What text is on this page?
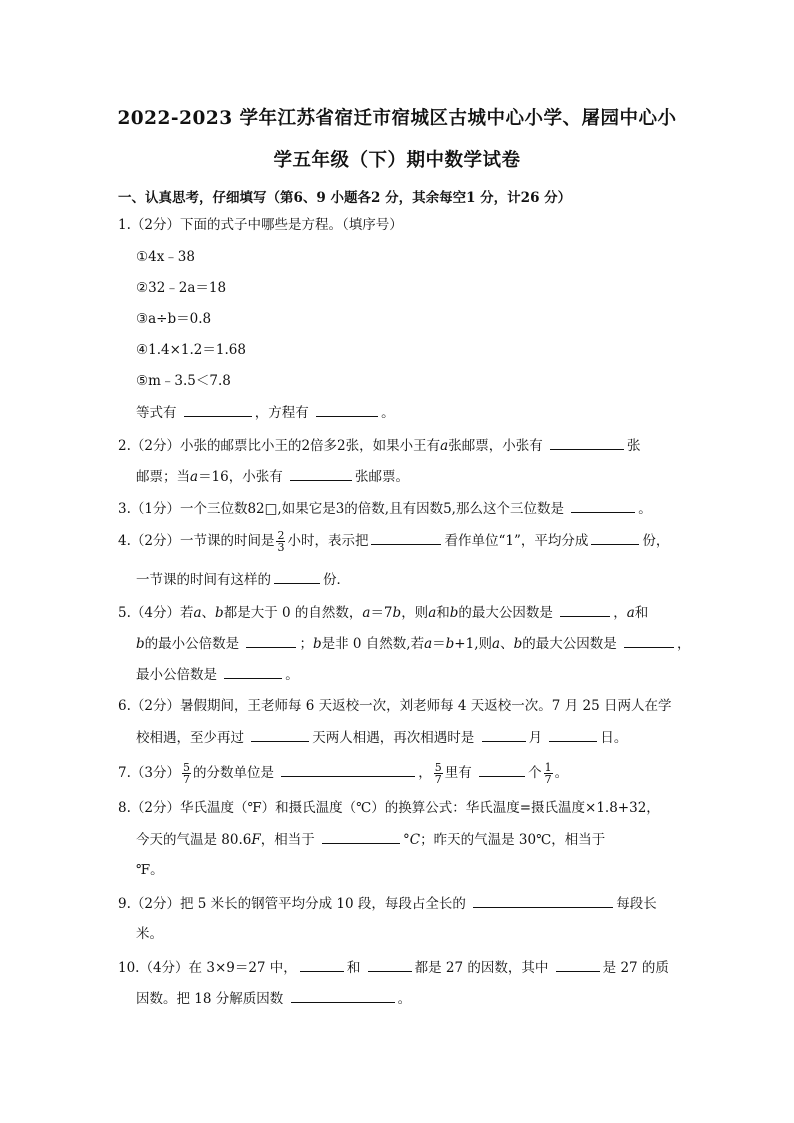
2022-2023 学年江苏省宿迁市宿城区古城中心小学、屠园中心小
学五年级（下）期中数学试卷
一、认真思考，仔细填写（第6、9 小题各2 分，其余每空1 分，计26 分）
1.（2分）下面的式子中哪些是方程。（填序号）
①4x﹣38
②32﹣2a＝18
③a÷b＝0.8
④1.4×1.2＝1.68
⑤m﹣3.5＜7.8
等式有	，方程有	。
2.（2分）小张的邮票比小王的2倍多2张，如果小王有a张邮票，小张有	张
邮票；当a＝16，小张有	张邮票。
3.（1分）一个三位数82□,如果它是3的倍数,且有因数5,那么这个三位数是	。
4.（2分）一节课的时间是 $\frac{2}{3}$ 小时，表示把	看作单位“1”，平均分成	份，
一节课的时间有这样的	份．
5.（4分）若a、b都是大于 0 的自然数，a＝7b，则a和b的最大公因数是	，a和
b的最小公倍数是	；b是非 0 自然数,若a＝b+1,则a、b的最大公因数是	，
最小公倍数是	。
6.（2分）暑假期间，王老师每 6 天返校一次，刘老师每 4 天返校一次。7 月 25 日两人在学
校相遇，至少再过	天两人相遇，再次相遇时是	月	日。
7.（3分） $\frac{5}{7}$ 的分数单位是	， $\frac{5}{7}$ 里有	个 $\frac{1}{7}$ 。
8.（2分）华氏温度（℉）和摄氏温度（℃）的换算公式：华氏温度=摄氏温度×1.8+32，
今天的气温是 80.6F，相当于	°C；昨天的气温是 30℃，相当于
℉。
9.（2分）把 5 米长的钢管平均分成 10 段，每段占全长的	每段长
米。
10.（4分）在 3×9＝27 中，	和	都是 27 的因数，其中	是 27 的质
因数。把 18 分解质因数	。
